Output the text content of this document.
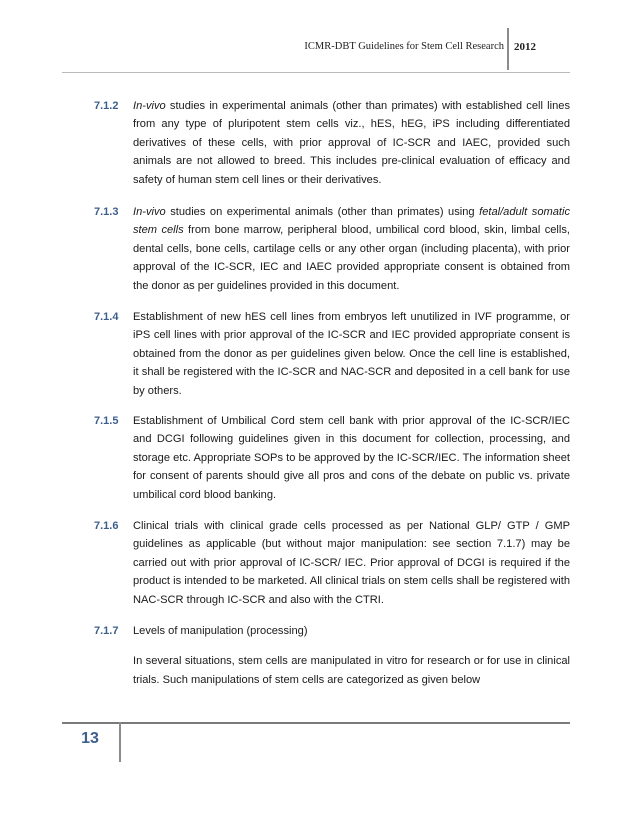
ICMR-DBT Guidelines for Stem Cell Research 2012
7.1.2 In-vivo studies in experimental animals (other than primates) with established cell lines from any type of pluripotent stem cells viz., hES, hEG, iPS including differentiated derivatives of these cells, with prior approval of IC-SCR and IAEC, provided such animals are not allowed to breed. This includes pre-clinical evaluation of efficacy and safety of human stem cell lines or their derivatives.
7.1.3 In-vivo studies on experimental animals (other than primates) using fetal/adult somatic stem cells from bone marrow, peripheral blood, umbilical cord blood, skin, limbal cells, dental cells, bone cells, cartilage cells or any other organ (including placenta), with prior approval of the IC-SCR, IEC and IAEC provided appropriate consent is obtained from the donor as per guidelines provided in this document.
7.1.4 Establishment of new hES cell lines from embryos left unutilized in IVF programme, or iPS cell lines with prior approval of the IC-SCR and IEC provided appropriate consent is obtained from the donor as per guidelines given below. Once the cell line is established, it shall be registered with the IC-SCR and NAC-SCR and deposited in a cell bank for use by others.
7.1.5 Establishment of Umbilical Cord stem cell bank with prior approval of the IC-SCR/IEC and DCGI following guidelines given in this document for collection, processing, and storage etc. Appropriate SOPs to be approved by the IC-SCR/IEC. The information sheet for consent of parents should give all pros and cons of the debate on public vs. private umbilical cord blood banking.
7.1.6 Clinical trials with clinical grade cells processed as per National GLP/ GTP / GMP guidelines as applicable (but without major manipulation: see section 7.1.7) may be carried out with prior approval of IC-SCR/ IEC. Prior approval of DCGI is required if the product is intended to be marketed. All clinical trials on stem cells shall be registered with NAC-SCR through IC-SCR and also with the CTRI.
7.1.7 Levels of manipulation (processing)

In several situations, stem cells are manipulated in vitro for research or for use in clinical trials. Such manipulations of stem cells are categorized as given below

13
